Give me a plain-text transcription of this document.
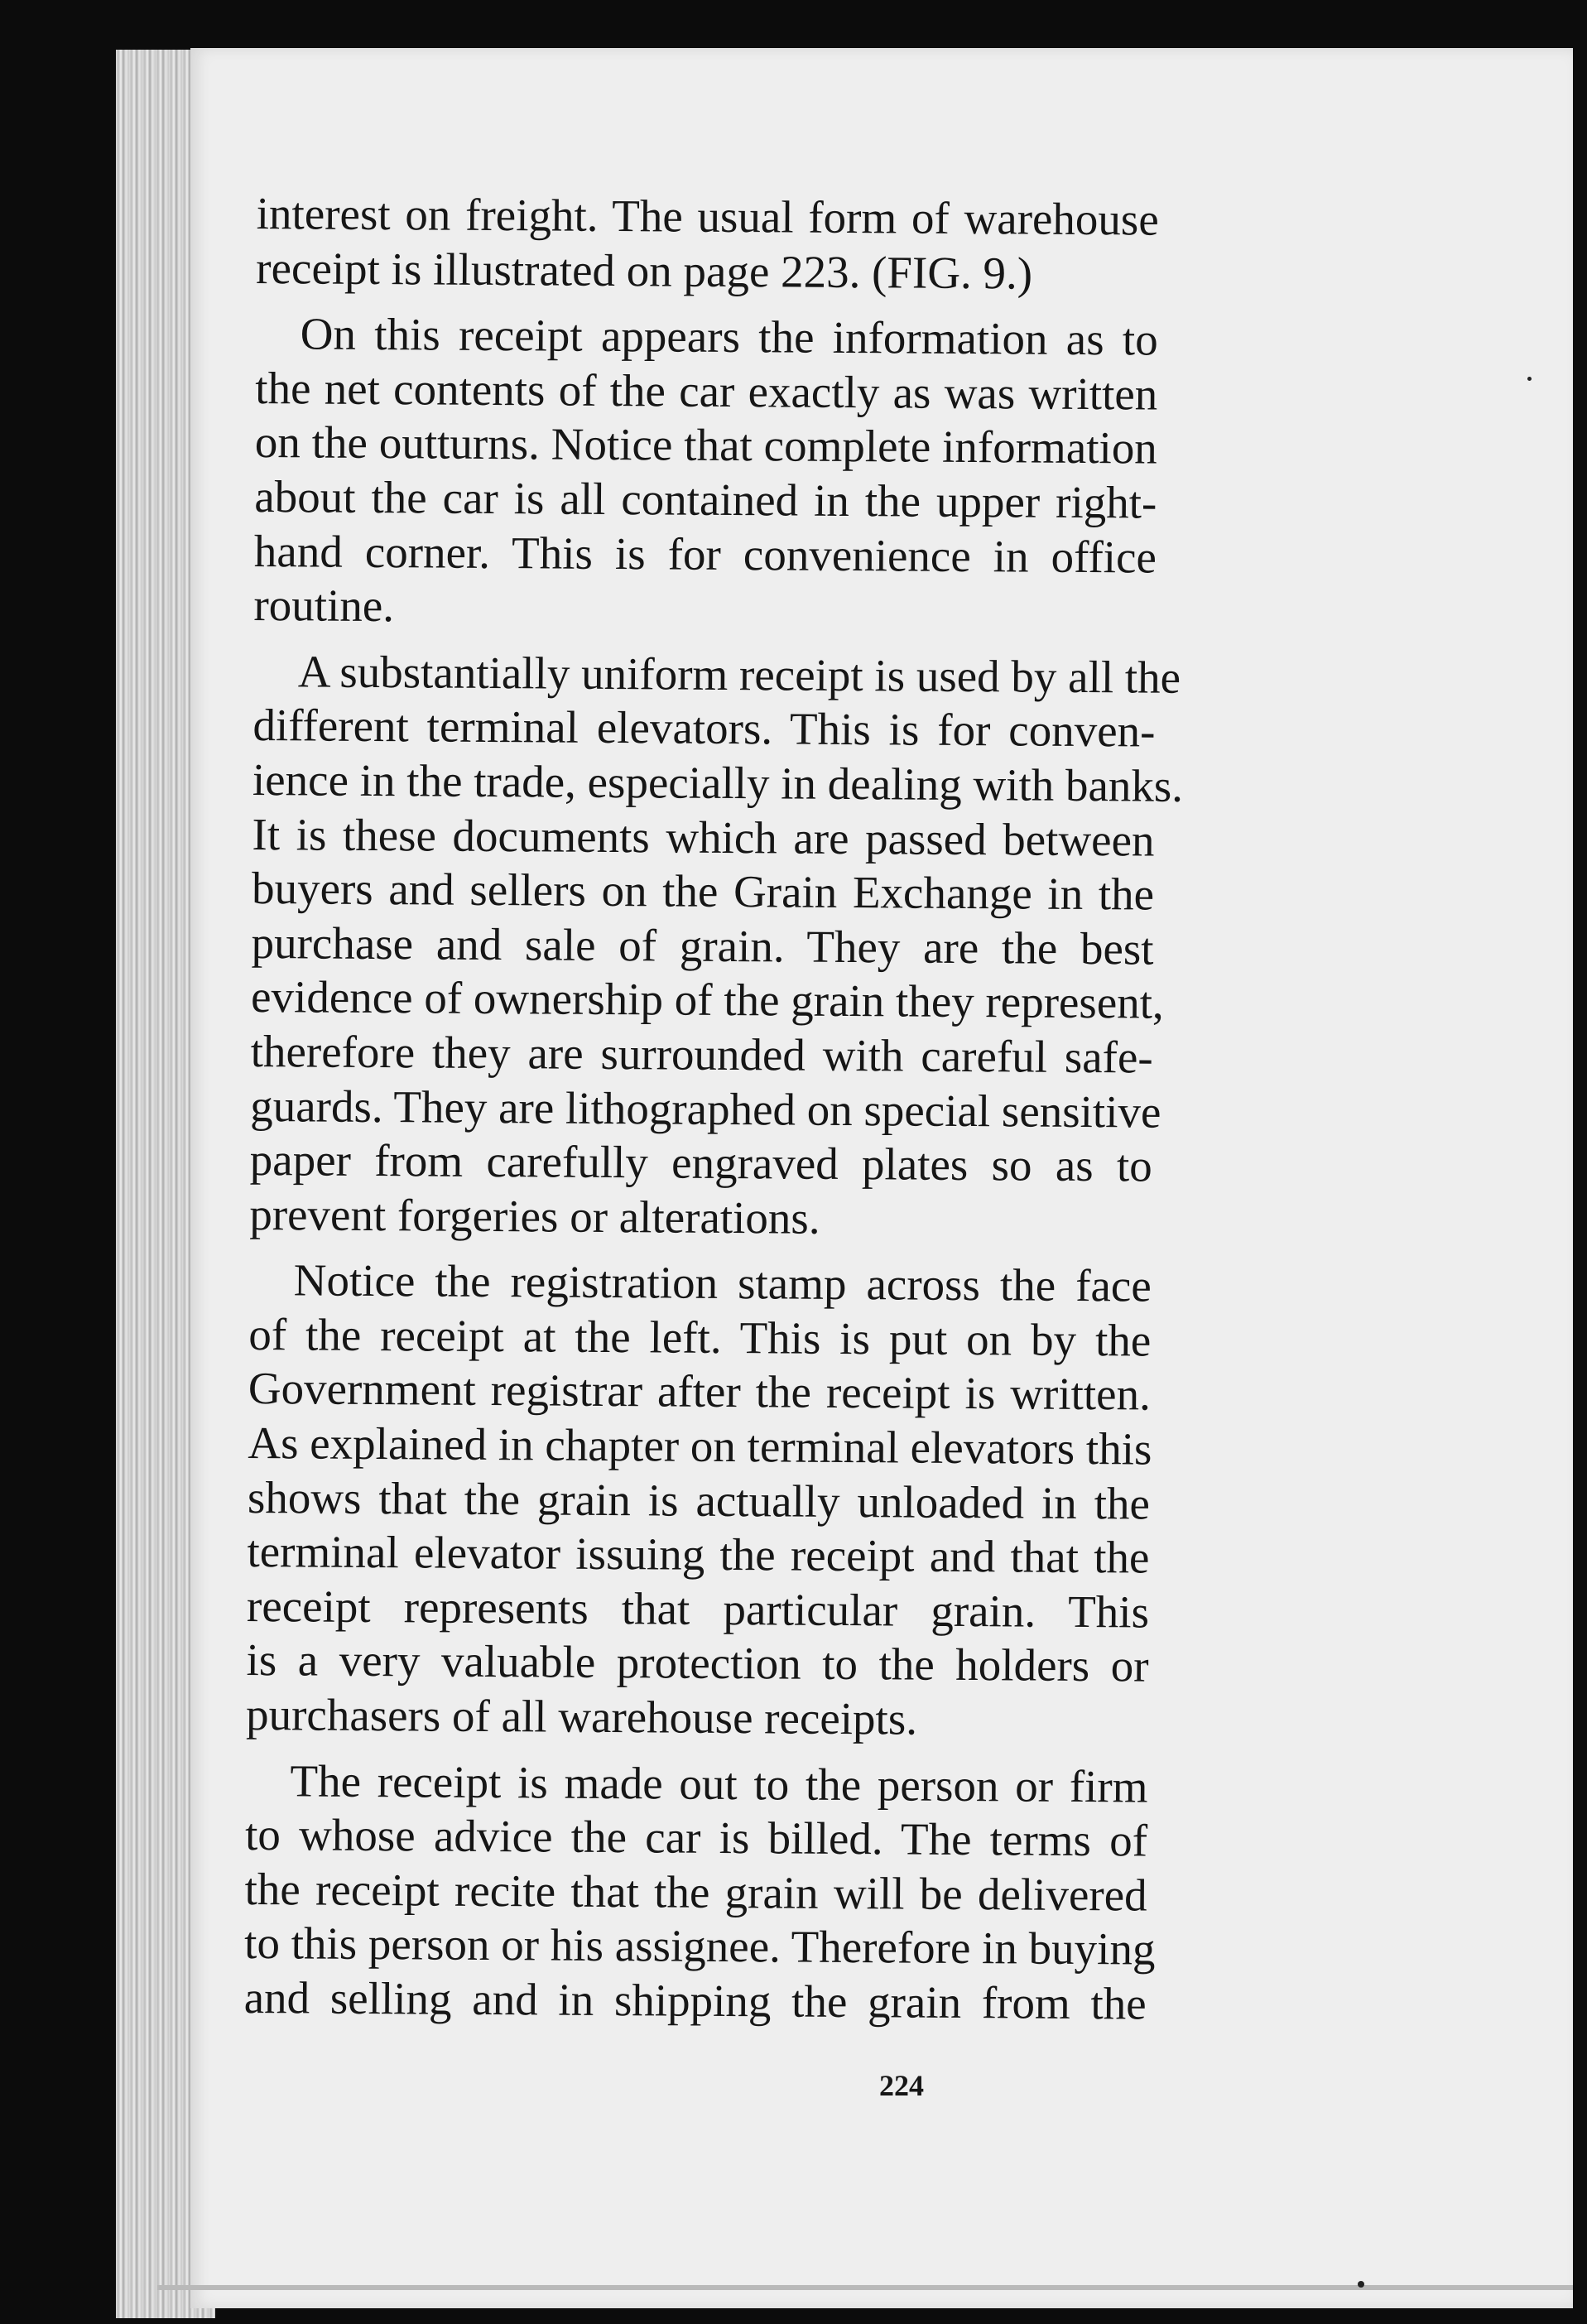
interest on freight. The usual form of warehouse
receipt is illustrated on page 223. (FIG. 9.)
On this receipt appears the information as to
the net contents of the car exactly as was written
on the outturns. Notice that complete information
about the car is all contained in the upper right-
hand corner. This is for convenience in office
routine.
A substantially uniform receipt is used by all the
different terminal elevators. This is for conven-
ience in the trade, especially in dealing with banks.
It is these documents which are passed between
buyers and sellers on the Grain Exchange in the
purchase and sale of grain. They are the best
evidence of ownership of the grain they represent,
therefore they are surrounded with careful safe-
guards. They are lithographed on special sensitive
paper from carefully engraved plates so as to
prevent forgeries or alterations.
Notice the registration stamp across the face
of the receipt at the left. This is put on by the
Government registrar after the receipt is written.
As explained in chapter on terminal elevators this
shows that the grain is actually unloaded in the
terminal elevator issuing the receipt and that the
receipt represents that particular grain. This
is a very valuable protection to the holders or
purchasers of all warehouse receipts.
The receipt is made out to the person or firm
to whose advice the car is billed. The terms of
the receipt recite that the grain will be delivered
to this person or his assignee. Therefore in buying
and selling and in shipping the grain from the
224
